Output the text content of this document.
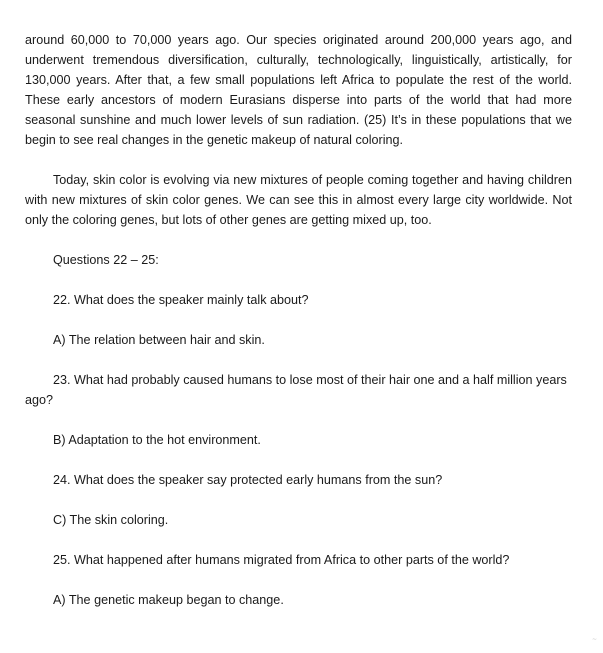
around 60,000 to 70,000 years ago. Our species originated around 200,000 years ago, and underwent tremendous diversification, culturally, technologically, linguistically, artistically, for 130,000 years. After that, a few small populations left Africa to populate the rest of the world. These early ancestors of modern Eurasians disperse into parts of the world that had more seasonal sunshine and much lower levels of sun radiation. (25) It’s in these populations that we begin to see real changes in the genetic makeup of natural coloring.

Today, skin color is evolving via new mixtures of people coming together and having children with new mixtures of skin color genes. We can see this in almost every large city worldwide. Not only the coloring genes, but lots of other genes are getting mixed up, too.

Questions 22 – 25:

22. What does the speaker mainly talk about?

A) The relation between hair and skin.

23. What had probably caused humans to lose most of their hair one and a half million years ago?

B) Adaptation to the hot environment.

24. What does the speaker say protected early humans from the sun?

C) The skin coloring.

25. What happened after humans migrated from Africa to other parts of the world?

A) The genetic makeup began to change.

~
